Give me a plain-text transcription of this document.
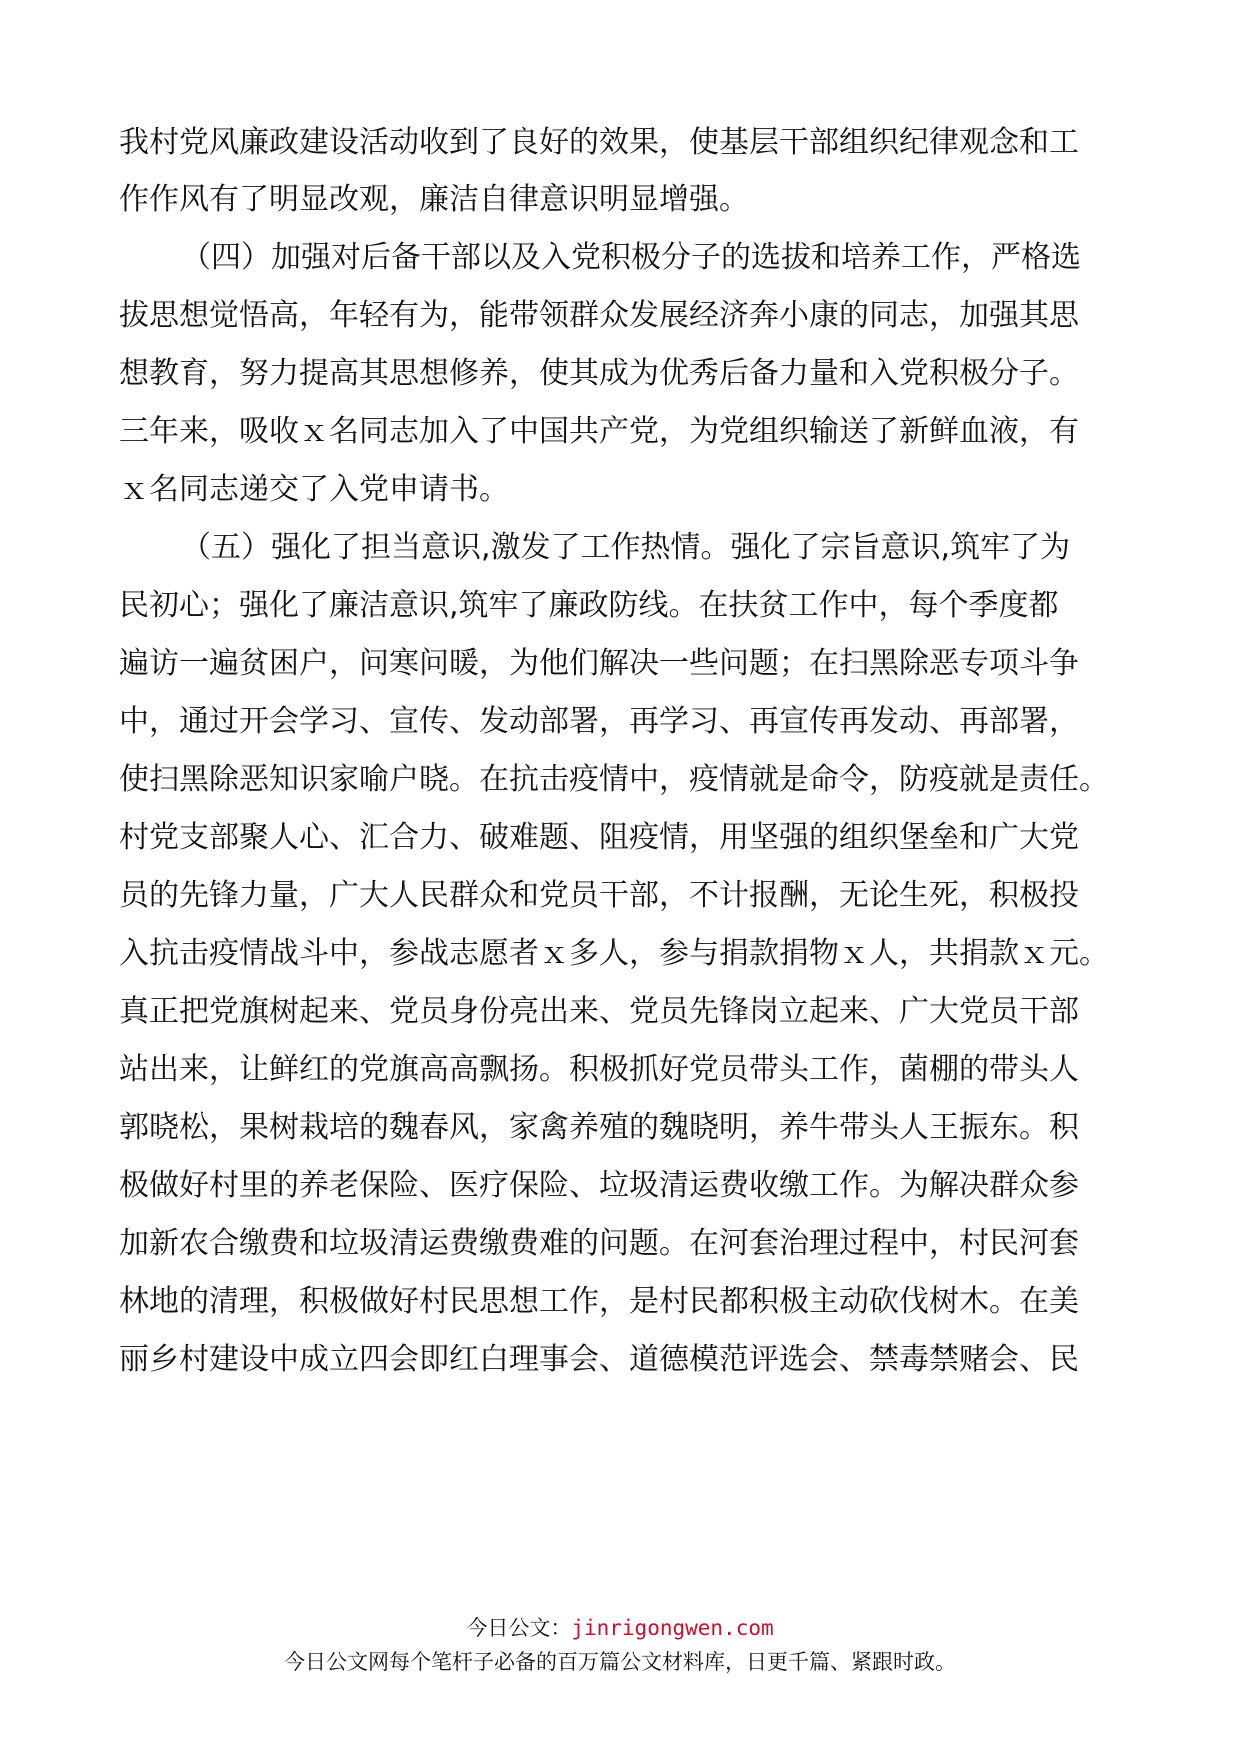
我村党风廉政建设活动收到了良好的效果，使基层干部组织纪律观念和工
作作风有了明显改观，廉洁自律意识明显增强。
（四）加强对后备干部以及入党积极分子的选拔和培养工作，严格选
拔思想觉悟高，年轻有为，能带领群众发展经济奔小康的同志，加强其思
想教育，努力提高其思想修养，使其成为优秀后备力量和入党积极分子。
三年来，吸收ｘ名同志加入了中国共产党，为党组织输送了新鲜血液，有
ｘ名同志递交了入党申请书。
（五）强化了担当意识,激发了工作热情。强化了宗旨意识,筑牢了为
民初心；强化了廉洁意识,筑牢了廉政防线。在扶贫工作中，每个季度都
遍访一遍贫困户，问寒问暖，为他们解决一些问题；在扫黑除恶专项斗争
中，通过开会学习、宣传、发动部署，再学习、再宣传再发动、再部署，
使扫黑除恶知识家喻户晓。在抗击疫情中，疫情就是命令，防疫就是责任。
村党支部聚人心、汇合力、破难题、阻疫情，用坚强的组织堡垒和广大党
员的先锋力量，广大人民群众和党员干部，不计报酬，无论生死，积极投
入抗击疫情战斗中，参战志愿者ｘ多人，参与捐款捐物ｘ人，共捐款ｘ元。
真正把党旗树起来、党员身份亮出来、党员先锋岗立起来、广大党员干部
站出来，让鲜红的党旗高高飘扬。积极抓好党员带头工作，菌棚的带头人
郭晓松，果树栽培的魏春风，家禽养殖的魏晓明，养牛带头人王振东。积
极做好村里的养老保险、医疗保险、垃圾清运费收缴工作。为解决群众参
加新农合缴费和垃圾清运费缴费难的问题。在河套治理过程中，村民河套
林地的清理，积极做好村民思想工作，是村民都积极主动砍伐树木。在美
丽乡村建设中成立四会即红白理事会、道德模范评选会、禁毒禁赌会、民
今日公文：jinrigongwen.com
今日公文网每个笔杆子必备的百万篇公文材料库，日更千篇、紧跟时政。
